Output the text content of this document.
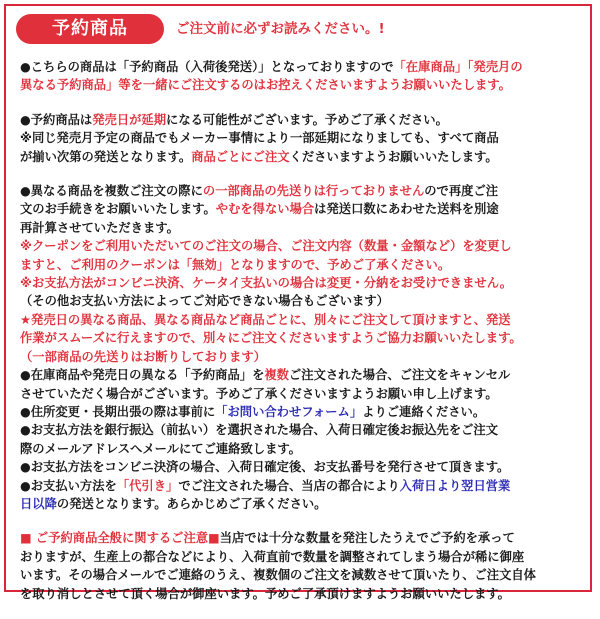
予約商品	ご注文前に必ずお読みください。!
●こちらの商品は「予約商品（入荷後発送）」となっておりますので「在庫商品」「発売月の
異なる予約商品」等を一緒にご注文するのはお控えくださいますようお願いいたします。
●予約商品は発売日が延期になる可能性がございます。予めご了承ください。
※同じ発売月予定の商品でもメーカー事情により一部延期になりましても、すべて商品
が揃い次第の発送となります。商品ごとにご注文くださいますようお願いいたします。
●異なる商品を複数ご注文の際にの一部商品の先送りは行っておりませんので再度ご注
文のお手続きをお願いいたします。やむを得ない場合は発送口数にあわせた送料を別途
再計算させていただきます。
※クーポンをご利用いただいてのご注文の場合、ご注文内容（数量・金額など）を変更し
ますと、ご利用のクーポンは「無効」となりますので、予めご了承ください。
※お支払方法がコンビニ決済、ケータイ支払いの場合は変更・分納をお受けできません。
（その他お支払い方法によってご対応できない場合もございます）
★発売日の異なる商品、異なる商品など商品ごとに、別々にご注文して頂けますと、発送
作業がスムーズに行えますので、別々にご注文くださいますようご協力お願いいたします。
（一部商品の先送りはお断りしております）
●在庫商品や発売日の異なる「予約商品」を複数ご注文された場合、ご注文をキャンセル
させていただく場合がございます。予めご了承くださいますようお願い申し上げます。
●住所変更・長期出張の際は事前に「お問い合わせフォーム」よりご連絡ください。
●お支払方法を銀行振込（前払い）を選択された場合、入荷日確定後お振込先をご注文
際のメールアドレスへメールにてご連絡致します。
●お支払方法をコンビニ決済の場合、入荷日確定後、お支払番号を発行させて頂きます。
●お支払い方法を「代引き」でご注文された場合、当店の都合により入荷日より翌日営業
日以降の発送となります。あらかじめご了承ください。
■ ご予約商品全般に関するご注意■当店では十分な数量を発注したうえでご予約を承って
おりますが、生産上の都合などにより、入荷直前で数量を調整されてしまう場合が稀に御座
います。その場合メールでご連絡のうえ、複数個のご注文を減数させて頂いたり、ご注文自体
を取り消しとさせて頂く場合が御座います。予めご了承頂けますようお願いいたします。
